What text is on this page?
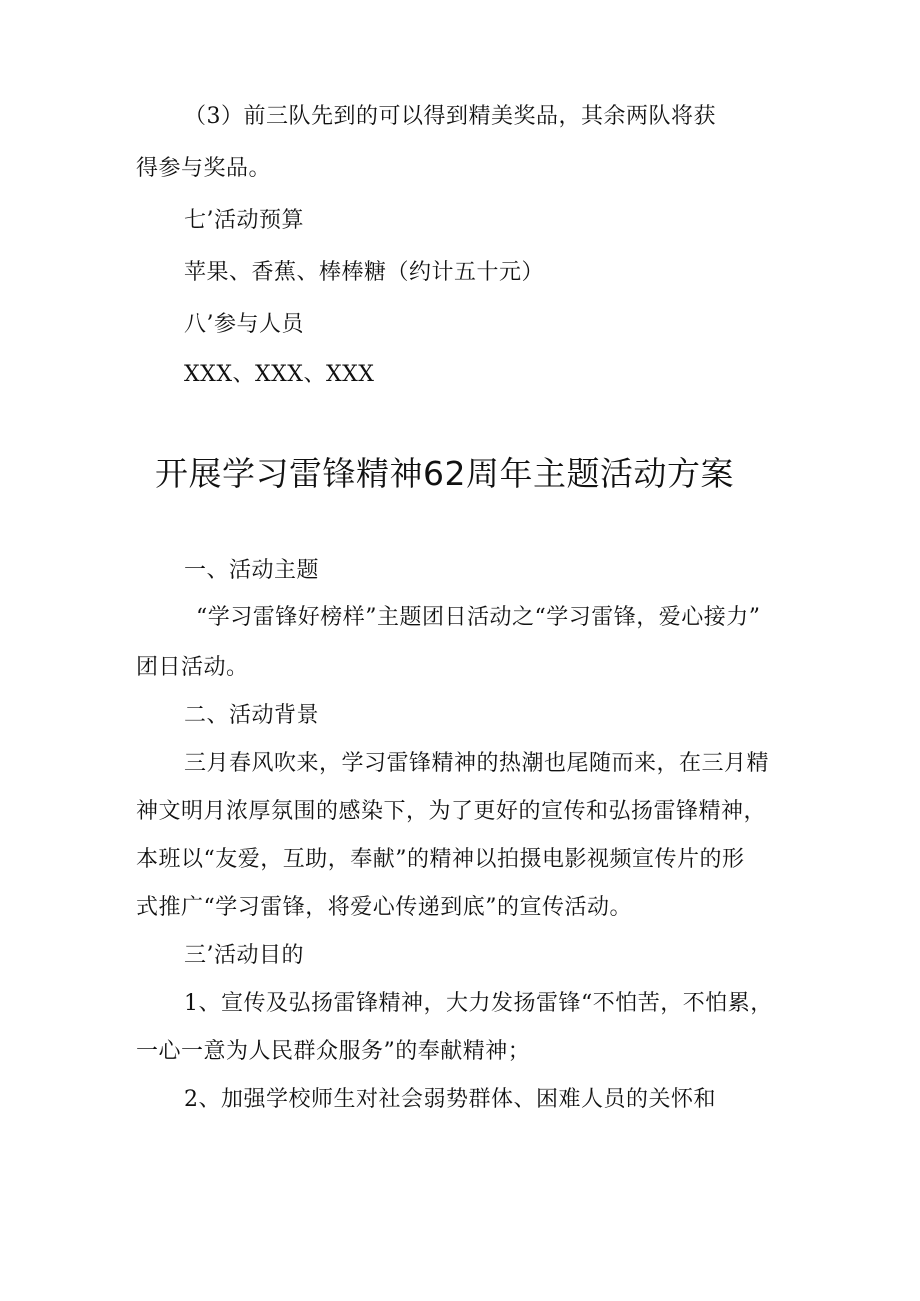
（3）前三队先到的可以得到精美奖品，其余两队将获
得参与奖品。
七’活动预算
苹果、香蕉、棒棒糖（约计五十元）
八’参与人员
XXX、XXX、XXX
开展学习雷锋精神62周年主题活动方案
一、活动主题
“学习雷锋好榜样”主题团日活动之“学习雷锋，爱心接力”
团日活动。
二、活动背景
三月春风吹来，学习雷锋精神的热潮也尾随而来，在三月精
神文明月浓厚氛围的感染下，为了更好的宣传和弘扬雷锋精神，
本班以“友爱，互助，奉献”的精神以拍摄电影视频宣传片的形
式推广“学习雷锋，将爱心传递到底”的宣传活动。
三’活动目的
1、宣传及弘扬雷锋精神，大力发扬雷锋“不怕苦，不怕累，
一心一意为人民群众服务”的奉献精神；
2、加强学校师生对社会弱势群体、困难人员的关怀和
